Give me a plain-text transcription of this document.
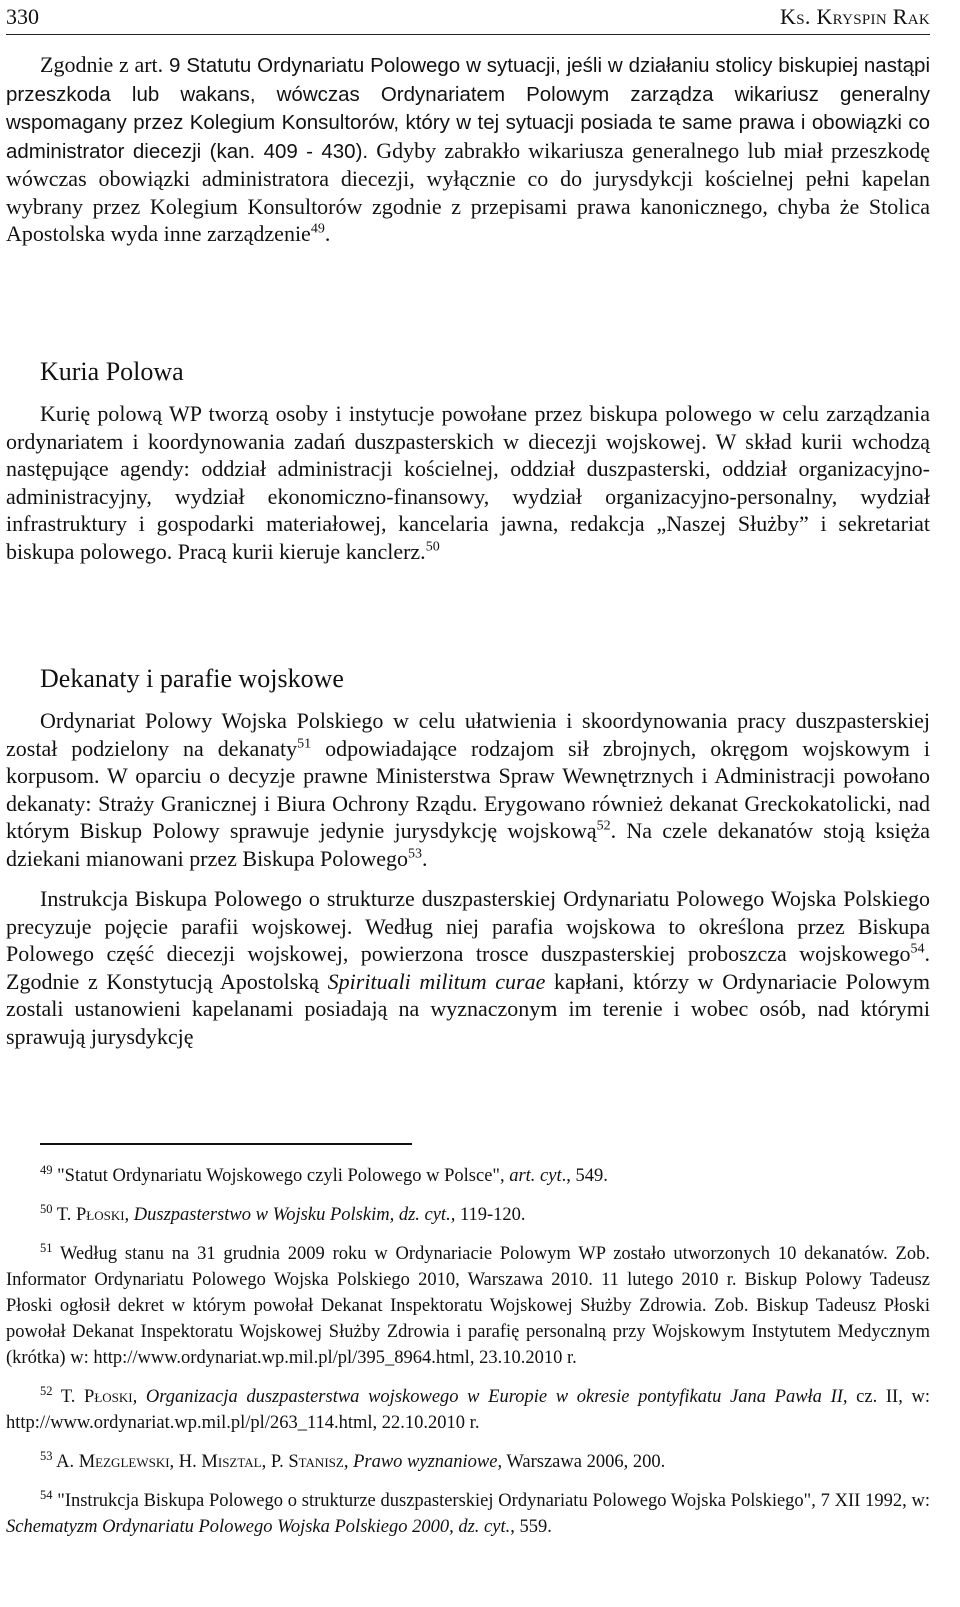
330	Ks. Kryspin Rak

Zgodnie z art. 9 Statutu Ordynariatu Polowego w sytuacji, jeśli w działaniu stolicy biskupiej nastąpi przeszkoda lub wakans, wówczas Ordynariatem Polowym zarządza wikariusz generalny wspomagany przez Kolegium Konsultorów, który w tej sytuacji posiada te same prawa i obowiązki co administrator diecezji (kan. 409 - 430). Gdyby zabrakło wikariusza generalnego lub miał przeszkodę wówczas obowiązki administratora diecezji, wyłącznie co do jurysdykcji kościelnej pełni kapelan wybrany przez Kolegium Konsultorów zgodnie z przepisami prawa kanonicznego, chyba że Stolica Apostolska wyda inne zarządzenie$^{49}$.

Kuria Polowa

Kurię polową WP tworzą osoby i instytucje powołane przez biskupa polowego w celu zarządzania ordynariatem i koordynowania zadań duszpasterskich w diecezji wojskowej. W skład kurii wchodzą następujące agendy: oddział administracji kościelnej, oddział duszpasterski, oddział organizacyjno-administracyjny, wydział ekonomiczno-finansowy, wydział organizacyjno-personalny, wydział infrastruktury i gospodarki materiałowej, kancelaria jawna, redakcja „Naszej Służby” i sekretariat biskupa polowego. Pracą kurii kieruje kanclerz.$^{50}$

Dekanaty i parafie wojskowe

Ordynariat Polowy Wojska Polskiego w celu ułatwienia i skoordynowania pracy duszpasterskiej został podzielony na dekanaty$^{51}$ odpowiadające rodzajom sił zbrojnych, okręgom wojskowym i korpusom. W oparciu o decyzje prawne Ministerstwa Spraw Wewnętrznych i Administracji powołano dekanaty: Straży Granicznej i Biura Ochrony Rządu. Erygowano również dekanat Greckokatolicki, nad którym Biskup Polowy sprawuje jedynie jurysdykcję wojskową$^{52}$. Na czele dekanatów stoją księża dziekani mianowani przez Biskupa Polowego$^{53}$.

Instrukcja Biskupa Polowego o strukturze duszpasterskiej Ordynariatu Polowego Wojska Polskiego precyzuje pojęcie parafii wojskowej. Według niej parafia wojskowa to określona przez Biskupa Polowego część diecezji wojskowej, powierzona trosce duszpasterskiej proboszcza wojskowego$^{54}$. Zgodnie z Konstytucją Apostolską Spirituali militum curae kapłani, którzy w Ordynariacie Polowym zostali ustanowieni kapelanami posiadają na wyznaczonym im terenie i wobec osób, nad którymi sprawują jurysdykcję

$^{49}$ "Statut Ordynariatu Wojskowego czyli Polowego w Polsce", art. cyt., 549.

$^{50}$ T. Płoski, Duszpasterstwo w Wojsku Polskim, dz. cyt., 119-120.

$^{51}$ Według stanu na 31 grudnia 2009 roku w Ordynariacie Polowym WP zostało utworzonych 10 dekanatów. Zob. Informator Ordynariatu Polowego Wojska Polskiego 2010, Warszawa 2010. 11 lutego 2010 r. Biskup Polowy Tadeusz Płoski ogłosił dekret w którym powołał Dekanat Inspektoratu Wojskowej Służby Zdrowia. Zob. Biskup Tadeusz Płoski powołał Dekanat Inspektoratu Wojskowej Służby Zdrowia i parafię personalną przy Wojskowym Instytutem Medycznym (krótka) w: http://www.ordynariat.wp.mil.pl/pl/395_8964.html, 23.10.2010 r.

$^{52}$ T. Płoski, Organizacja duszpasterstwa wojskowego w Europie w okresie pontyfikatu Jana Pawła II, cz. II, w: http://www.ordynariat.wp.mil.pl/pl/263_114.html, 22.10.2010 r.

$^{53}$ A. Mezglewski, H. Misztal, P. Stanisz, Prawo wyznaniowe, Warszawa 2006, 200.

$^{54}$ "Instrukcja Biskupa Polowego o strukturze duszpasterskiej Ordynariatu Polowego Wojska Polskiego", 7 XII 1992, w: Schematyzm Ordynariatu Polowego Wojska Polskiego 2000, dz. cyt., 559.
